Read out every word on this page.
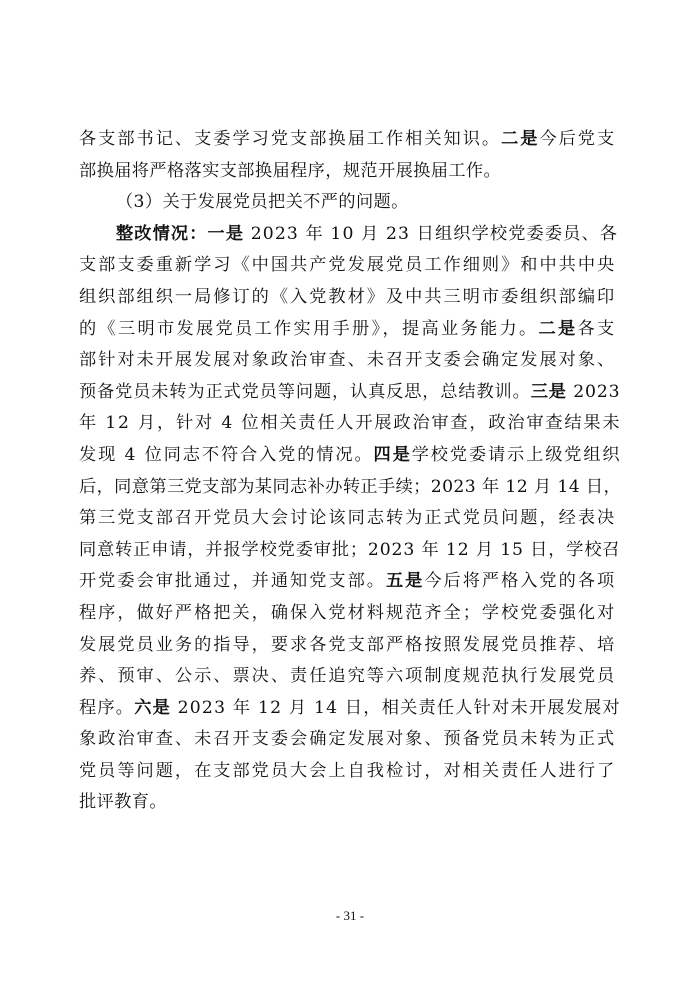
各支部书记、支委学习党支部换届工作相关知识。二是今后党支
部换届将严格落实支部换届程序，规范开展换届工作。
（3）关于发展党员把关不严的问题。
整改情况：一是 2023 年 10 月 23 日组织学校党委委员、各
支部支委重新学习《中国共产党发展党员工作细则》和中共中央
组织部组织一局修订的《入党教材》及中共三明市委组织部编印
的《三明市发展党员工作实用手册》，提高业务能力。二是各支
部针对未开展发展对象政治审查、未召开支委会确定发展对象、
预备党员未转为正式党员等问题，认真反思，总结教训。三是 2023
年 12 月，针对 4 位相关责任人开展政治审查，政治审查结果未
发现 4 位同志不符合入党的情况。四是学校党委请示上级党组织
后，同意第三党支部为某同志补办转正手续；2023 年 12 月 14 日，
第三党支部召开党员大会讨论该同志转为正式党员问题，经表决
同意转正申请，并报学校党委审批；2023 年 12 月 15 日，学校召
开党委会审批通过，并通知党支部。五是今后将严格入党的各项
程序，做好严格把关，确保入党材料规范齐全；学校党委强化对
发展党员业务的指导，要求各党支部严格按照发展党员推荐、培
养、预审、公示、票决、责任追究等六项制度规范执行发展党员
程序。六是 2023 年 12 月 14 日，相关责任人针对未开展发展对
象政治审查、未召开支委会确定发展对象、预备党员未转为正式
党员等问题，在支部党员大会上自我检讨，对相关责任人进行了
批评教育。
- 31 -
